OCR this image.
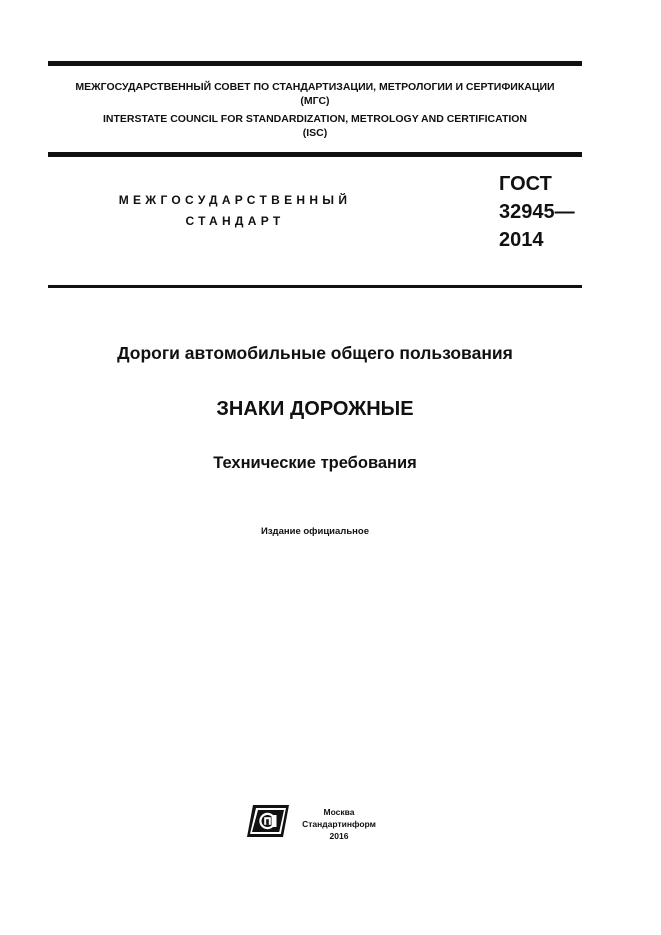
МЕЖГОСУДАРСТВЕННЫЙ СОВЕТ ПО СТАНДАРТИЗАЦИИ, МЕТРОЛОГИИ И СЕРТИФИКАЦИИ
(МГС)
INTERSTATE COUNCIL FOR STANDARDIZATION, METROLOGY AND CERTIFICATION
(ISC)
МЕЖГОСУДАРСТВЕННЫЙ
СТАНДАРТ
ГОСТ
32945—
2014
Дороги автомобильные общего пользования
ЗНАКИ ДОРОЖНЫЕ
Технические требования
Издание официальное
Москва
Стандартинформ
2016
